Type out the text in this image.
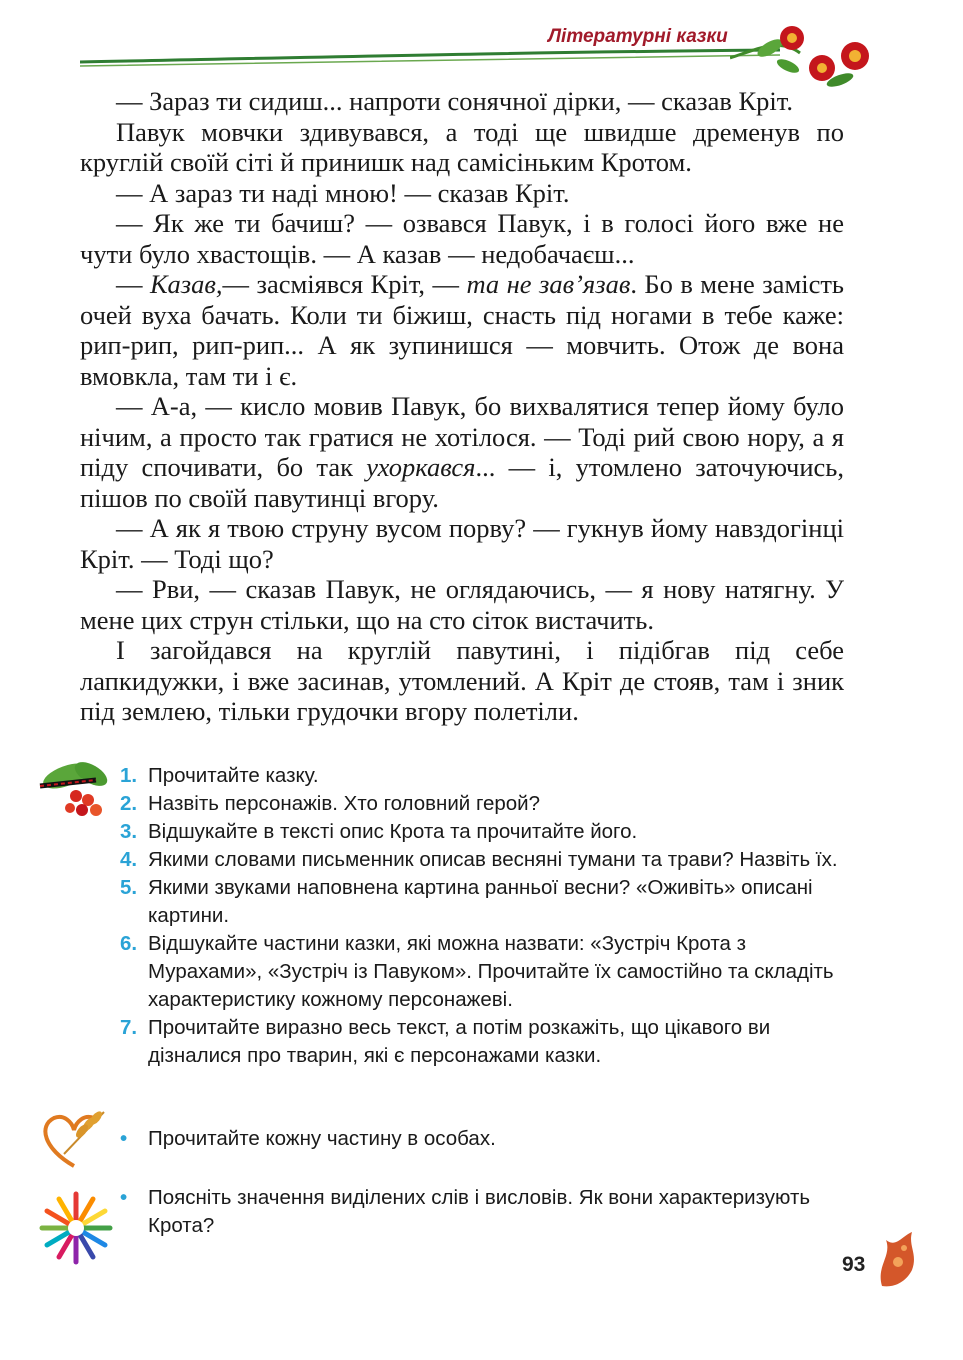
Літературні казки

— Зараз ти сидиш... напроти сонячної дірки, — сказав Кріт.

Павук мовчки здивувався, а тоді ще швидше дременув по круглій своїй сіті й принишк над самісіньким Кротом.

— А зараз ти наді мною! — сказав Кріт.

— Як же ти бачиш? — озвався Павук, і в голосі його вже не чути було хвастощів. — А казав — недобачаєш...

— Казав,— засміявся Кріт, — та не зав’язав. Бо в мене замість очей вуха бачать. Коли ти біжиш, снасть під ногами в тебе каже: рип-рип, рип-рип... А як зупинишся — мовчить. Отож де вона вмовкла, там ти і є.

— А-а, — кисло мовив Павук, бо вихвалятися тепер йому було нічим, а просто так гратися не хотілося. — Тоді рий свою нору, а я піду спочивати, бо так ухоркався... — і, утомлено заточуючись, пішов по своїй павутинці вгору.

— А як я твою струну вусом порву? — гукнув йому навздогінці Кріт. — Тоді що?

— Рви, — сказав Павук, не оглядаючись, — я нову натягну. У мене цих струн стільки, що на сто сіток вистачить.

І загойдався на круглій павутині, і підібгав під себе лапкидужки, і вже засинав, утомлений. А Кріт де стояв, там і зник під землею, тільки грудочки вгору полетіли.

1. Прочитайте казку.
2. Назвіть персонажів. Хто головний герой?
3. Відшукайте в тексті опис Крота та прочитайте його.
4. Якими словами письменник описав весняні тумани та трави? Назвіть їх.
5. Якими звуками наповнена картина ранньої весни? «Оживіть» описані картини.
6. Відшукайте частини казки, які можна назвати: «Зустріч Крота з Мурахами», «Зустріч із Павуком». Прочитайте їх самостійно та складіть характеристику кожному персонажеві.
7. Прочитайте виразно весь текст, а потім розкажіть, що цікавого ви дізналися про тварин, які є персонажами казки.
•	Прочитайте кожну частину в особах.
•	Поясніть значення виділених слів і висловів. Як вони характеризують Крота?
93
